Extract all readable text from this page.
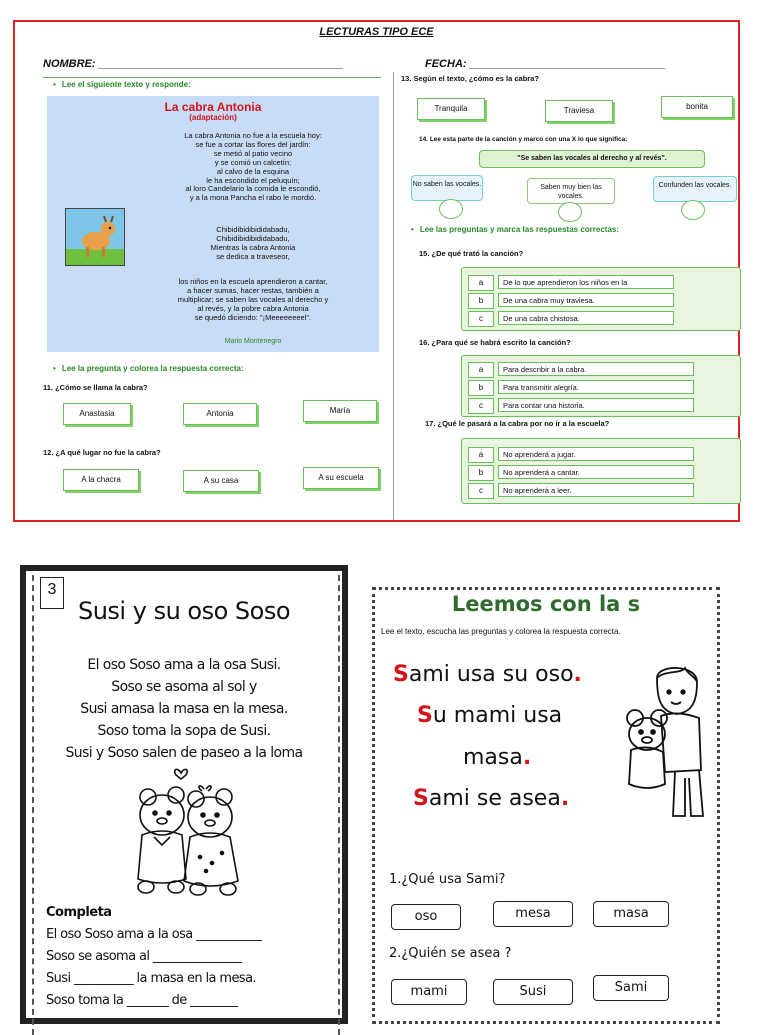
LECTURAS TIPO ECE
NOMBRE: ________________________________________	FECHA: ________________________________
• Lee el siguiente texto y responde:
La cabra Antonia
(adaptación)
La cabra Antonia no fue a la escuela hoy:
se fue a cortar las flores del jardín:
se metió al patio vecino
y se comió un calcetín;
al calvo de la esquina
le ha escondido el peluquín;
al loro Candelario la comida le escondió,
y a la mona Pancha el rabo le mordió.
Chibidibidibididabadu,
Chibidibidibididabadu,
Mientras la cabra Antonia
se dedica a traveseor,
los niños en la escuela aprendieron a cantar,
a hacer sumas, hacer restas, también a
multiplicar; se saben las vocales al derecho y
al revés, y la pobre cabra Antonia
se quedó diciendo: "¡Meeeeeeeel".
Mario Montenegro
• Lee la pregunta y colorea la respuesta correcta:
11. ¿Cómo se llama la cabra?
Anastasia	Antonia	María
12. ¿A qué lugar no fue la cabra?
A la chacra	A su casa	A su escuela
13. Según el texto, ¿cómo es la cabra?
Tranquila	Traviesa	bonita
14. Lee esta parte de la canción y marco con una X lo que significa:
"Se saben las vocales al derecho y al revés".
No saben las vocales.	Saben muy bien las vocales.
Confunden las vocales.
• Lee las preguntas y marca las respuestas correctas:
15. ¿De qué trató la canción?
a	De lo que aprendieron los niños en la
b	De una cabra muy traviesa.
c	De una cabra chistosa.
16. ¿Para qué se habrá escrito la canción?
a	Para describir a la cabra.
b	Para transmitir alegría.
c	Para contar una historia.
17. ¿Qué le pasará a la cabra por no ir a la escuela?
a	No aprenderá a jugar.
b	No aprenderá a cantar.
c	No aprenderá a leer.
3
Susi y su oso Soso
El oso Soso ama a la osa Susi.
Soso se asoma al sol y
Susi amasa la masa en la mesa.
Soso toma la sopa de Susi.
Susi y Soso salen de paseo a la loma
Completa
El oso Soso ama a la osa ___________
Soso se asoma al _______________
Susi __________ la masa en la mesa.
Soso toma la _______ de ________
Leemos con la s
Lee el texto, escucha las preguntas y colorea la respuesta correcta.
Sami usa su oso.
Su mami usa
masa.
Sami se asea.
1.¿Qué usa Sami?
oso	mesa	masa
2.¿Quién se asea ?
mami	Susi	Sami
